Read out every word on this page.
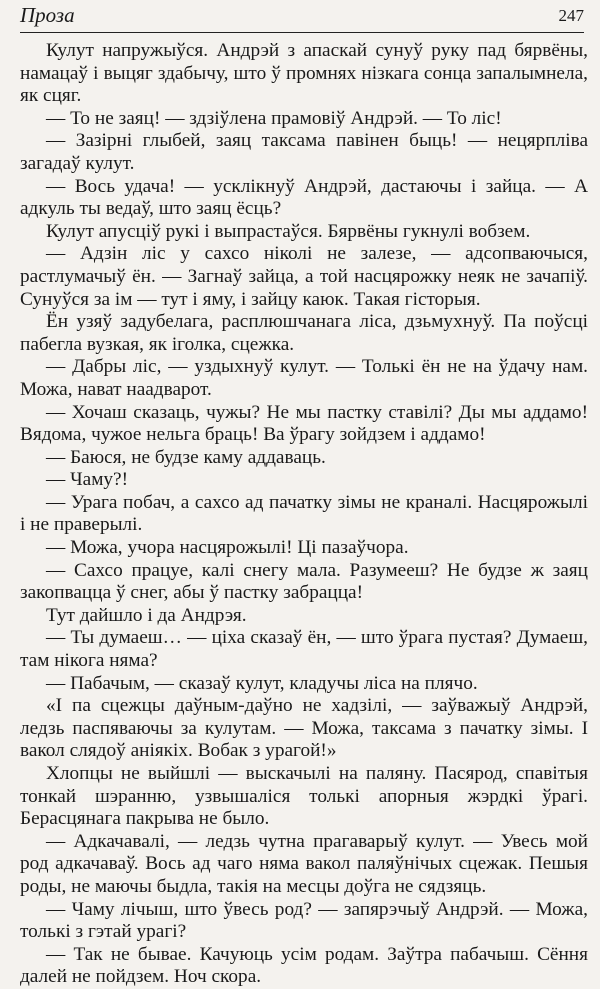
Проза	247

Кулут напружыўся. Андрэй з апаскай сунуў руку пад бярвёны, намацаў і выцяг здабычу, што ў промнях нізкага сонца запалымнела, як сцяг.

— То не заяц! — здзіўлена прамовіў Андрэй. — То ліс!

— Зазірні глыбей, заяц таксама павінен быць! — нецярпліва загадаў кулут.

— Вось удача! — усклікнуў Андрэй, дастаючы і зайца. — А адкуль ты ведаў, што заяц ёсць?

Кулут апусціў рукі і выпрастаўся. Бярвёны гукнулі вобзем.

— Адзін ліс у сахсо ніколі не залезе, — адсопваючыся, растлумачыў ён. — Загнаў зайца, а той насцярожку неяк не зачапіў. Сунуўся за ім — тут і яму, і зайцу каюк. Такая гісторыя.

Ён узяў задубелага, расплюшчанага ліса, дзьмухнуў. Па поўсці пабегла вузкая, як іголка, сцежка.

— Дабры ліс, — уздыхнуў кулут. — Толькі ён не на ўдачу нам. Можа, нават наадварот.

— Хочаш сказаць, чужы? Не мы пастку ставілі? Ды мы аддамо! Вядома, чужое нельга браць! Ва ўрагу зойдзем і аддамо!

— Баюся, не будзе каму аддаваць.

— Чаму?!

— Урага побач, а сахсо ад пачатку зімы не краналі. Насцярожылі і не праверылі.

— Можа, учора насцярожылі! Ці пазаўчора.

— Сахсо працуе, калі снегу мала. Разумееш? Не будзе ж заяц закопвацца ў снег, абы ў пастку забрацца!

Тут дайшло і да Андрэя.

— Ты думаеш… — ціха сказаў ён, — што ўрага пустая? Думаеш, там нікога няма?

— Пабачым, — сказаў кулут, кладучы ліса на плячо.

«І па сцежцы даўным-даўно не хадзілі, — заўважыў Андрэй, ледзь паспяваючы за кулутам. — Можа, таксама з пачатку зімы. І вакол слядоў аніякіх. Вобак з урагой!»

Хлопцы не выйшлі — выскачылі на паляну. Пасярод, спавітыя тонкай шэранню, узвышаліся толькі апорныя жэрдкі ўрагі. Берасцянага пакрыва не было.

— Адкачавалі, — ледзь чутна прагаварыў кулут. — Увесь мой род адкачаваў. Вось ад чаго няма вакол паляўнічых сцежак. Пешыя роды, не маючы быдла, такія на месцы доўга не сядзяць.

— Чаму лічыш, што ўвесь род? — запярэчыў Андрэй. — Можа, толькі з гэтай урагі?

— Так не бывае. Качуюць усім родам. Заўтра пабачыш. Сёння далей не пойдзем. Ноч скора.
